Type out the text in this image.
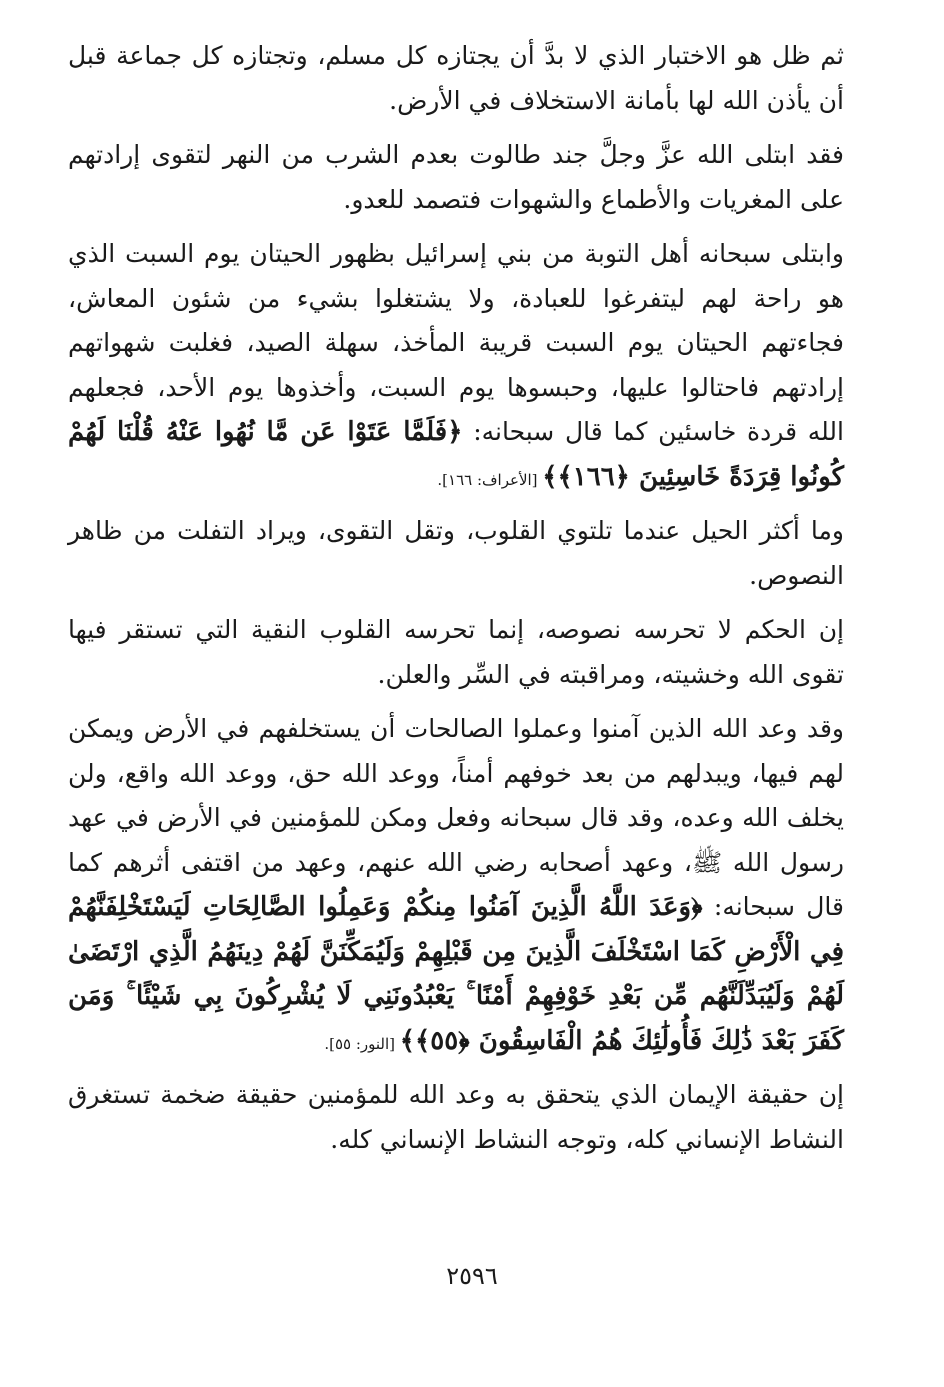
ثم ظل هو الاختبار الذي لا بدَّ أن يجتازه كل مسلم، وتجتازه كل جماعة قبل أن يأذن الله لها بأمانة الاستخلاف في الأرض.

فقد ابتلى الله عزَّ وجلَّ جند طالوت بعدم الشرب من النهر لتقوى إرادتهم على المغريات والأطماع والشهوات فتصمد للعدو.

وابتلى سبحانه أهل التوبة من بني إسرائيل بظهور الحيتان يوم السبت الذي هو راحة لهم ليتفرغوا للعبادة، ولا يشتغلوا بشيء من شئون المعاش، فجاءتهم الحيتان يوم السبت قريبة المأخذ، سهلة الصيد، فغلبت شهواتهم إرادتهم فاحتالوا عليها، وحبسوها يوم السبت، وأخذوها يوم الأحد، فجعلهم الله قردة خاسئين كما قال سبحانه: ﴿فَلَمَّا عَتَوْا عَن مَّا نُهُوا عَنْهُ قُلْنَا لَهُمْ كُونُوا قِرَدَةً خَاسِئِينَ ﴿١٦٦﴾﴾ [الأعراف: ١٦٦].

وما أكثر الحيل عندما تلتوي القلوب، وتقل التقوى، ويراد التفلت من ظاهر النصوص.

إن الحكم لا تحرسه نصوصه، إنما تحرسه القلوب النقية التي تستقر فيها تقوى الله وخشيته، ومراقبته في السِّر والعلن.

وقد وعد الله الذين آمنوا وعملوا الصالحات أن يستخلفهم في الأرض ويمكن لهم فيها، ويبدلهم من بعد خوفهم أمناً، ووعد الله حق، ووعد الله واقع، ولن يخلف الله وعده، وقد قال سبحانه وفعل ومكن للمؤمنين في الأرض في عهد رسول الله ﷺ، وعهد أصحابه رضي الله عنهم، وعهد من اقتفى أثرهم كما قال سبحانه: ﴿وَعَدَ اللَّهُ الَّذِينَ آمَنُوا مِنكُمْ وَعَمِلُوا الصَّالِحَاتِ لَيَسْتَخْلِفَنَّهُمْ فِي الْأَرْضِ كَمَا اسْتَخْلَفَ الَّذِينَ مِن قَبْلِهِمْ وَلَيُمَكِّنَنَّ لَهُمْ دِينَهُمُ الَّذِي ارْتَضَىٰ لَهُمْ وَلَيُبَدِّلَنَّهُم مِّن بَعْدِ خَوْفِهِمْ أَمْنًا ۚ يَعْبُدُونَنِي لَا يُشْرِكُونَ بِي شَيْئًا ۚ وَمَن كَفَرَ بَعْدَ ذَٰلِكَ فَأُولَٰئِكَ هُمُ الْفَاسِقُونَ ﴿٥٥﴾﴾ [النور: ٥٥].

إن حقيقة الإيمان الذي يتحقق به وعد الله للمؤمنين حقيقة ضخمة تستغرق النشاط الإنساني كله، وتوجه النشاط الإنساني كله.

٢٥٩٦
